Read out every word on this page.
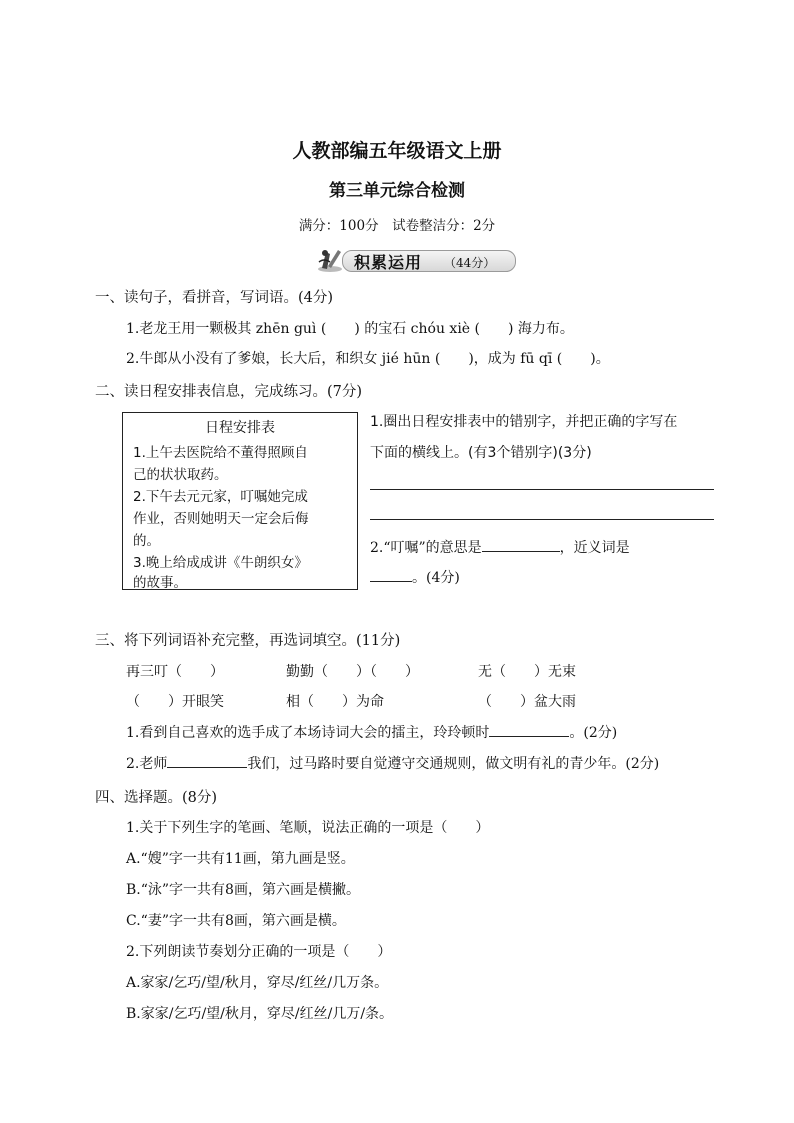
人教部编五年级语文上册
第三单元综合检测
满分：100分　试卷整洁分：2分
积累运用 （44分）
一、读句子，看拼音，写词语。(4分)
1.老龙王用一颗极其 zhēn guì (　　) 的宝石 chóu xiè (　　) 海力布。
2.牛郎从小没有了爹娘，长大后，和织女 jié hūn (　　)，成为 fū qī (　　)。
二、读日程安排表信息，完成练习。(7分)
日程安排表
1.上午去医院给不董得照顾自
己的状状取药。
2.下午去元元家，叮嘱她完成
作业，否则她明天一定会后侮
的。
3.晚上给成成讲《牛朗织女》
的故事。
1.圈出日程安排表中的错别字，并把正确的字写在
下面的横线上。(有3个错别字)(3分)
2.“叮嘱”的意思是	，近义词是
。(4分)
三、将下列词语补充完整，再选词填空。(11分)
再三叮（　　）	勤勤（　　）（　　）	无（　　）无束
（　　）开眼笑	相（　　）为命	（　　）盆大雨
1.看到自己喜欢的选手成了本场诗词大会的擂主，玲玲顿时	。(2分)
2.老师	我们，过马路时要自觉遵守交通规则，做文明有礼的青少年。(2分)
四、选择题。(8分)
1.关于下列生字的笔画、笔顺，说法正确的一项是（　　）
A.“嫂”字一共有11画，第九画是竖。
B.“泳”字一共有8画，第六画是横撇。
C.“妻”字一共有8画，第六画是横。
2.下列朗读节奏划分正确的一项是（　　）
A.家家/乞巧/望/秋月，穿尽/红丝/几万条。
B.家家/乞巧/望/秋月，穿尽/红丝/几万/条。
